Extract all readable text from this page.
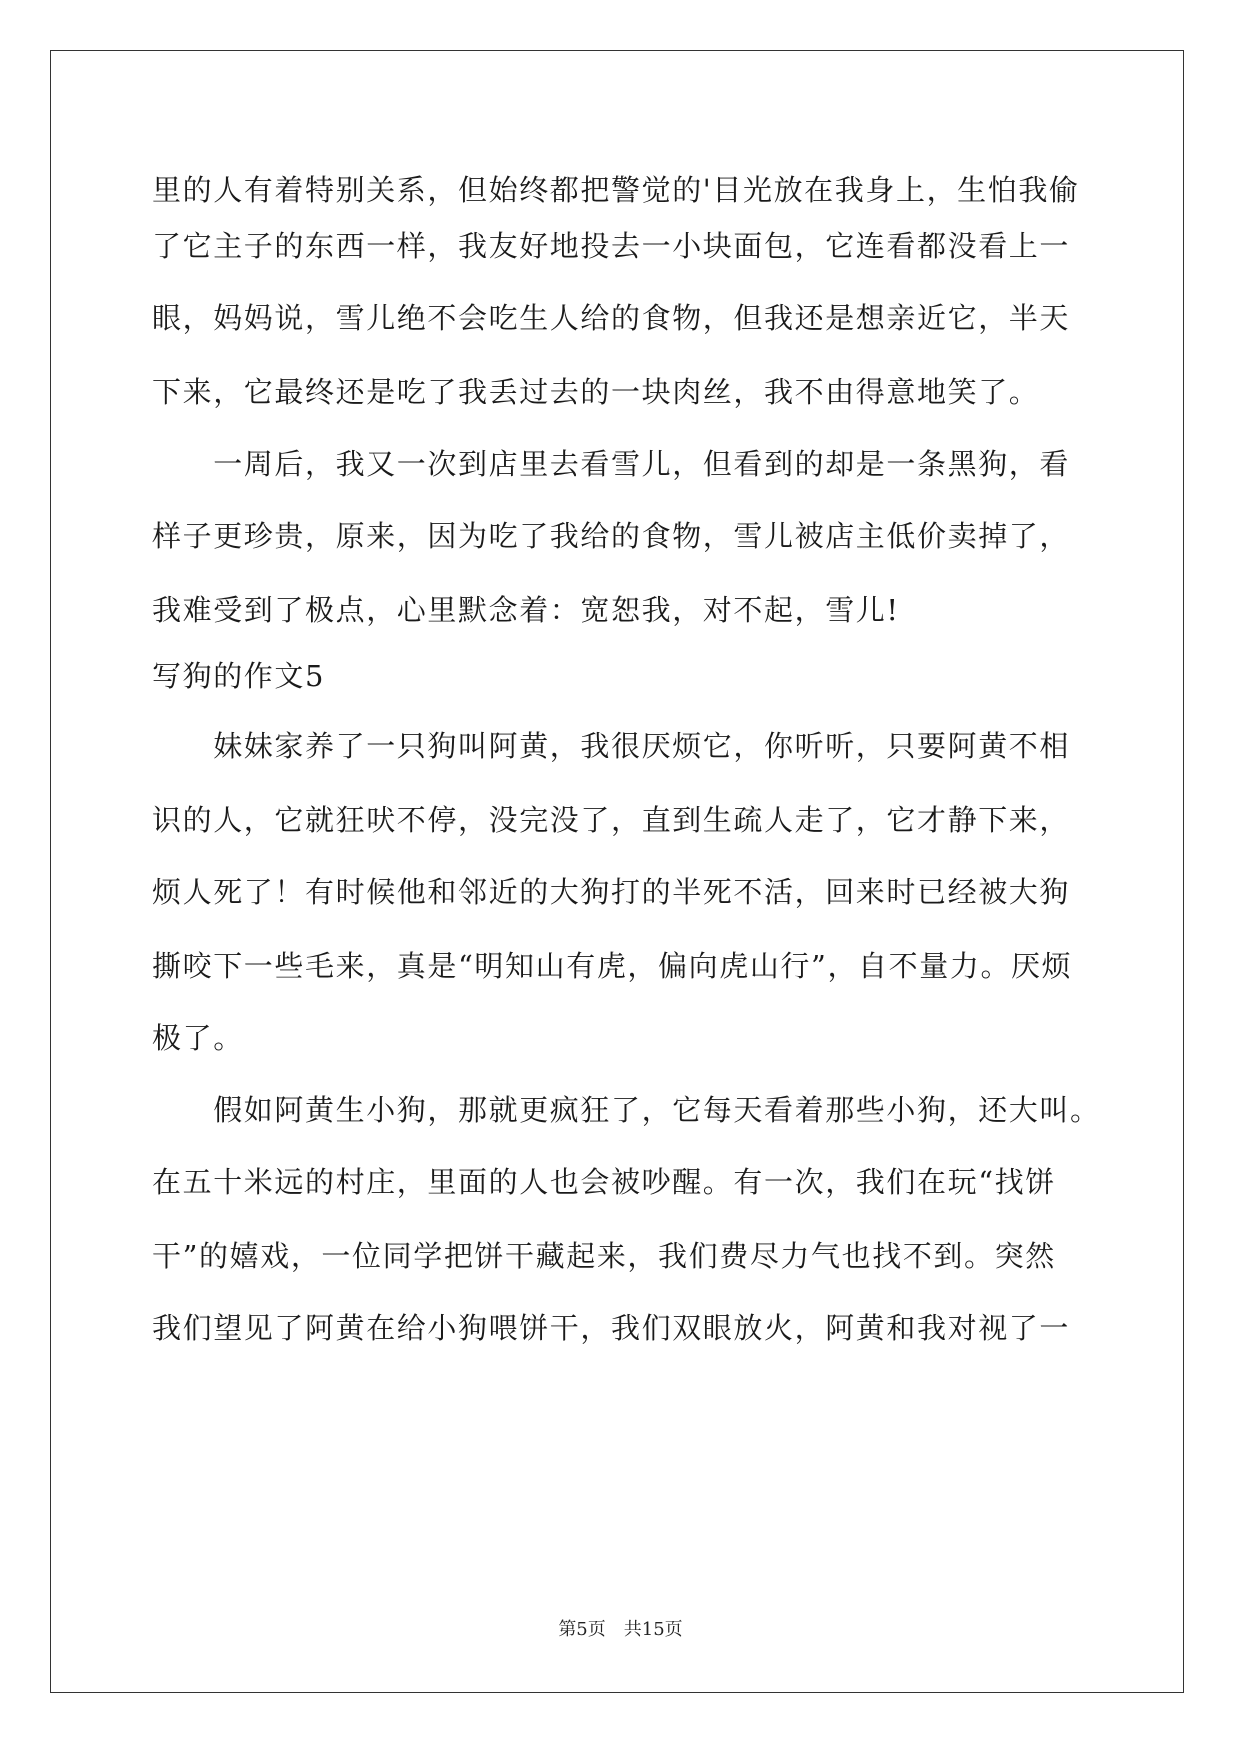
里的人有着特别关系，但始终都把警觉的'目光放在我身上，生怕我偷
了它主子的东西一样，我友好地投去一小块面包，它连看都没看上一
眼，妈妈说，雪儿绝不会吃生人给的食物，但我还是想亲近它，半天
下来，它最终还是吃了我丢过去的一块肉丝，我不由得意地笑了。
　　一周后，我又一次到店里去看雪儿，但看到的却是一条黑狗，看
样子更珍贵，原来，因为吃了我给的食物，雪儿被店主低价卖掉了，
我难受到了极点，心里默念着：宽恕我，对不起，雪儿!
写狗的作文5
　　妹妹家养了一只狗叫阿黄，我很厌烦它，你听听，只要阿黄不相
识的人，它就狂吠不停，没完没了，直到生疏人走了，它才静下来，
烦人死了！有时候他和邻近的大狗打的半死不活，回来时已经被大狗
撕咬下一些毛来，真是“明知山有虎，偏向虎山行”，自不量力。厌烦
极了。
　　假如阿黄生小狗，那就更疯狂了，它每天看着那些小狗，还大叫。
在五十米远的村庄，里面的人也会被吵醒。有一次，我们在玩“找饼
干”的嬉戏，一位同学把饼干藏起来，我们费尽力气也找不到。突然
我们望见了阿黄在给小狗喂饼干，我们双眼放火，阿黄和我对视了一
第5页 共15页
